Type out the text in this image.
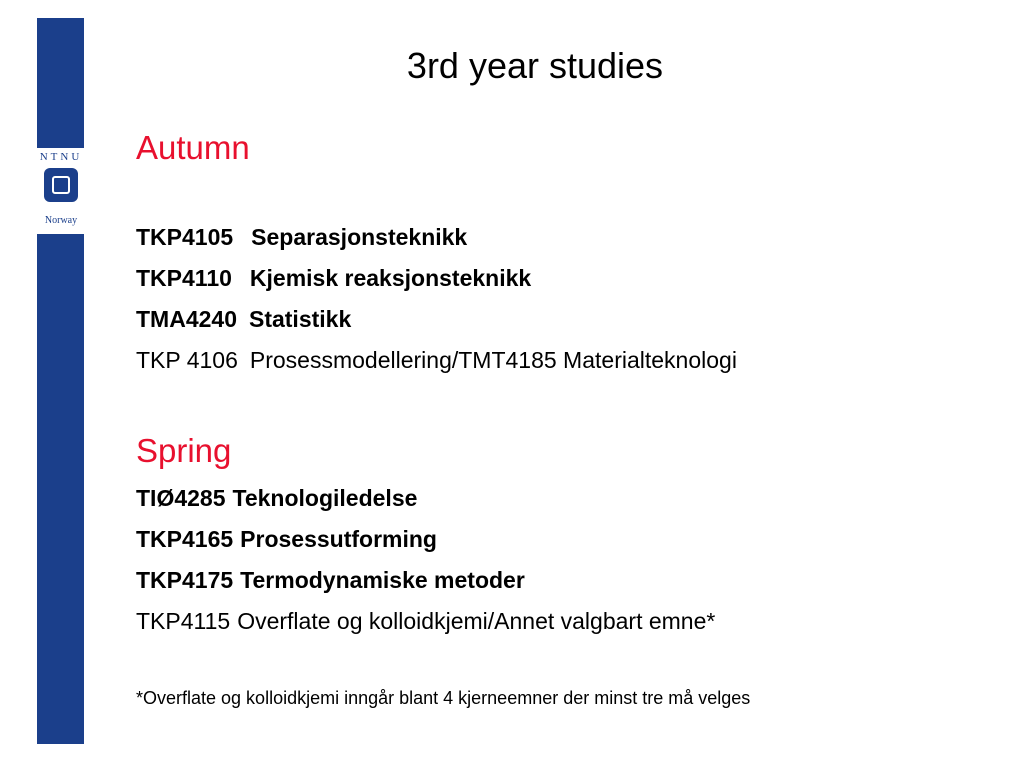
NTNU
Norway
3rd year studies
Autumn
TKP4105 Separasjonsteknikk
TKP4110 Kjemisk reaksjonsteknikk
TMA4240 Statistikk
TKP 4106 Prosessmodellering/TMT4185 Materialteknologi
Spring
TIØ4285 Teknologiledelse
TKP4165 Prosessutforming
TKP4175 Termodynamiske metoder
TKP4115 Overflate og kolloidkjemi/Annet valgbart emne*
*Overflate og kolloidkjemi inngår blant 4 kjerneemner der minst tre må velges
